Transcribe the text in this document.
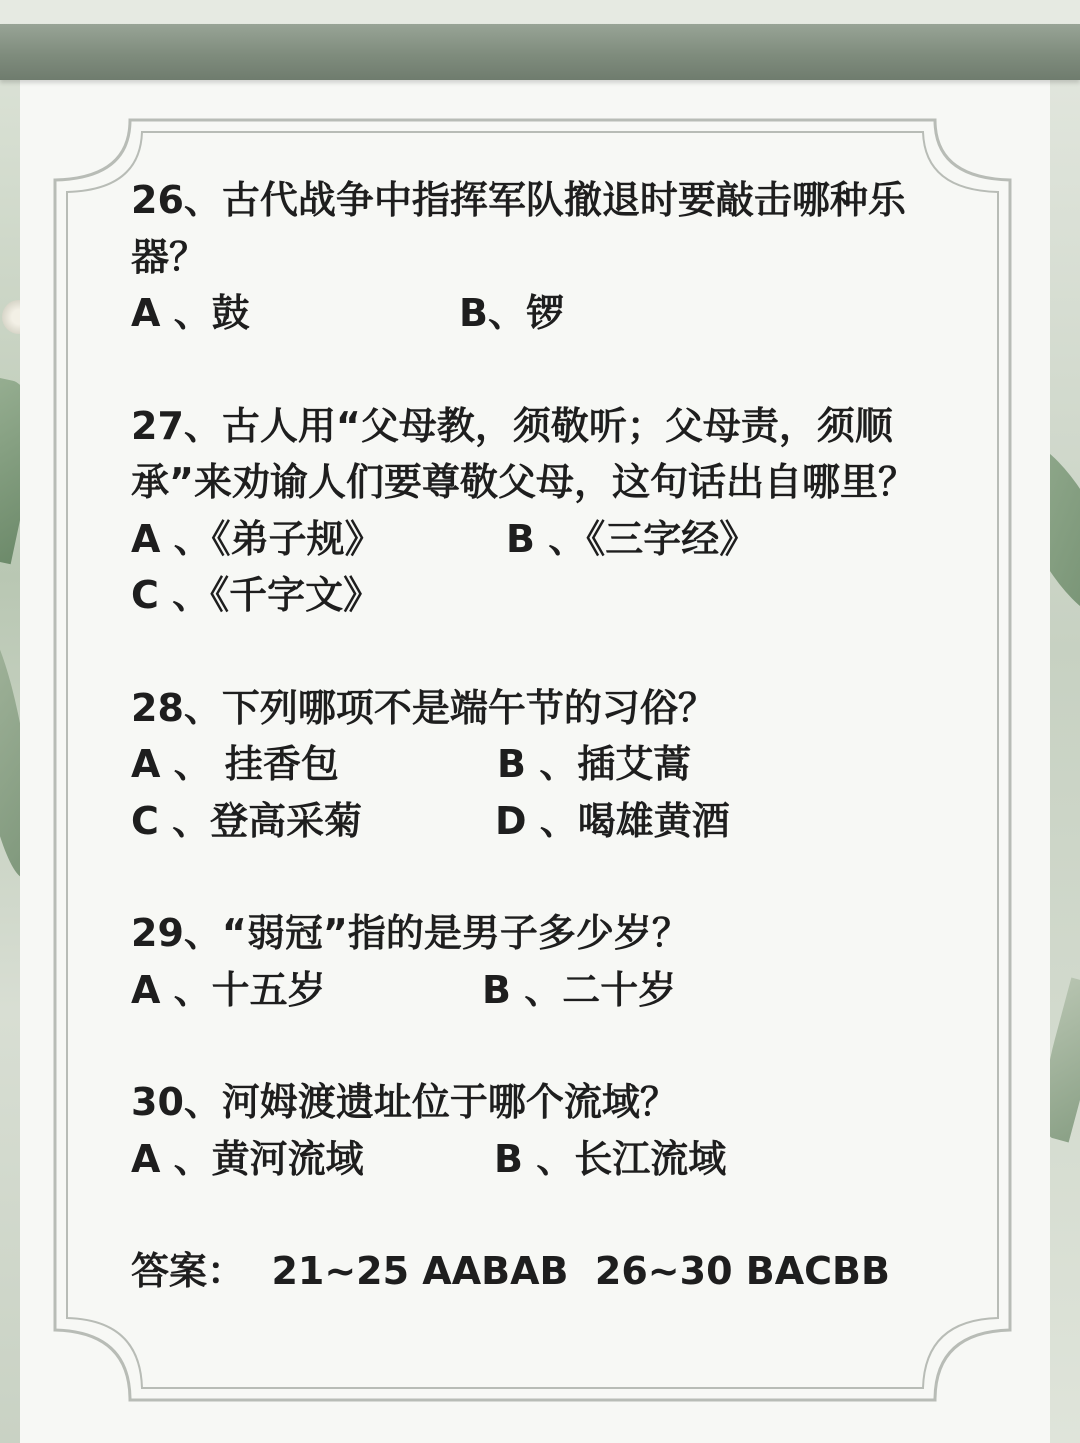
26、古代战争中指挥军队撤退时要敲击哪种乐器？
A 、鼓	B、锣
27、古人用“父母教，须敬听；父母责，须顺承”来劝谕人们要尊敬父母，这句话出自哪里？
A 、《弟子规》	B 、《三字经》
C 、《千字文》
28、下列哪项不是端午节的习俗？
A 、 挂香包	B 、插艾蒿
C 、登高采菊	D 、喝雄黄酒
29、“弱冠”指的是男子多少岁？
A 、十五岁	B 、二十岁
30、河姆渡遗址位于哪个流域？
A 、黄河流域	B 、长江流域
答案：  21~25 AABAB  26~30 BACBB
